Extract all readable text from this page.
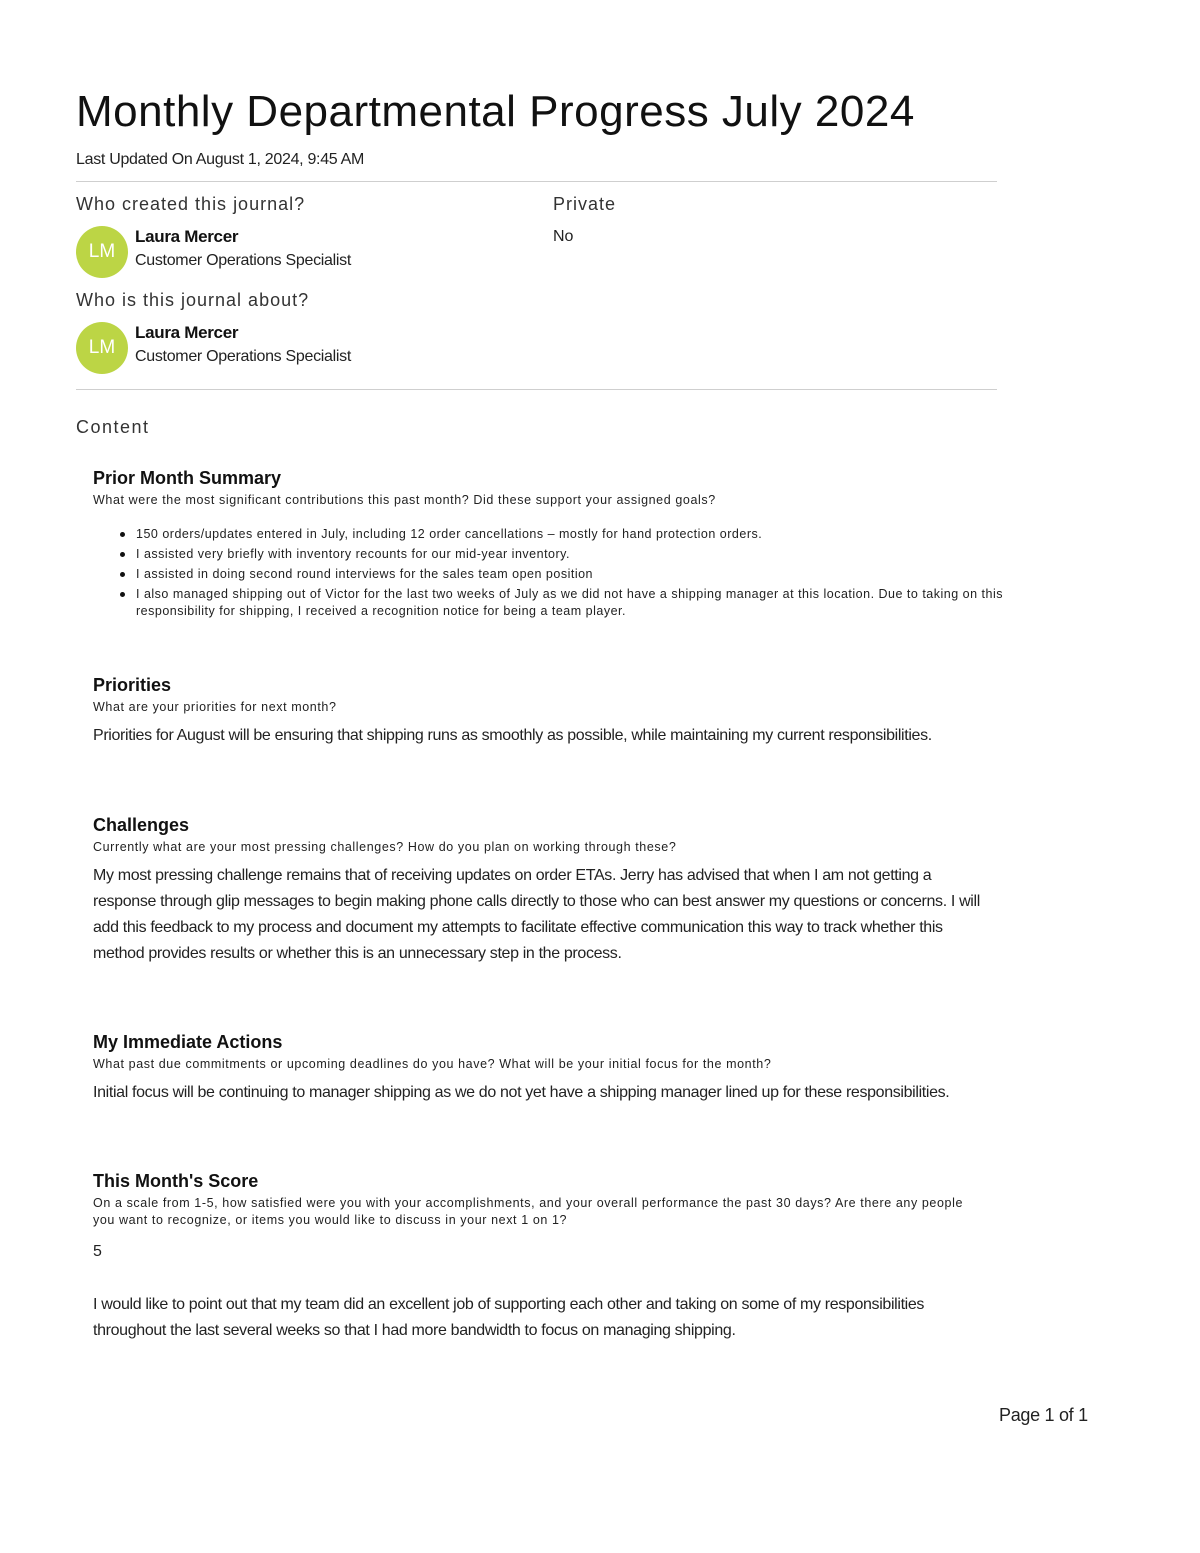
Monthly Departmental Progress July 2024
Last Updated On August 1, 2024, 9:45 AM
Who created this journal?	Private
No
LM
Laura Mercer
Customer Operations Specialist
Who is this journal about?
LM
Laura Mercer
Customer Operations Specialist
Content
Prior Month Summary
What were the most significant contributions this past month? Did these support your assigned goals?
150 orders/updates entered in July, including 12 order cancellations – mostly for hand protection orders.
I assisted very briefly with inventory recounts for our mid-year inventory.
I assisted in doing second round interviews for the sales team open position
I also managed shipping out of Victor for the last two weeks of July as we did not have a shipping manager at this location. Due to taking on this responsibility for shipping, I received a recognition notice for being a team player.
Priorities
What are your priorities for next month?
Priorities for August will be ensuring that shipping runs as smoothly as possible, while maintaining my current responsibilities.
Challenges
Currently what are your most pressing challenges? How do you plan on working through these?
My most pressing challenge remains that of receiving updates on order ETAs. Jerry has advised that when I am not getting a response through glip messages to begin making phone calls directly to those who can best answer my questions or concerns. I will add this feedback to my process and document my attempts to facilitate effective communication this way to track whether this method provides results or whether this is an unnecessary step in the process.
My Immediate Actions
What past due commitments or upcoming deadlines do you have? What will be your initial focus for the month?
Initial focus will be continuing to manager shipping as we do not yet have a shipping manager lined up for these responsibilities.
This Month's Score
On a scale from 1-5, how satisfied were you with your accomplishments, and your overall performance the past 30 days? Are there any people you want to recognize, or items you would like to discuss in your next 1 on 1?
5
I would like to point out that my team did an excellent job of supporting each other and taking on some of my responsibilities throughout the last several weeks so that I had more bandwidth to focus on managing shipping.
Page 1 of 1
